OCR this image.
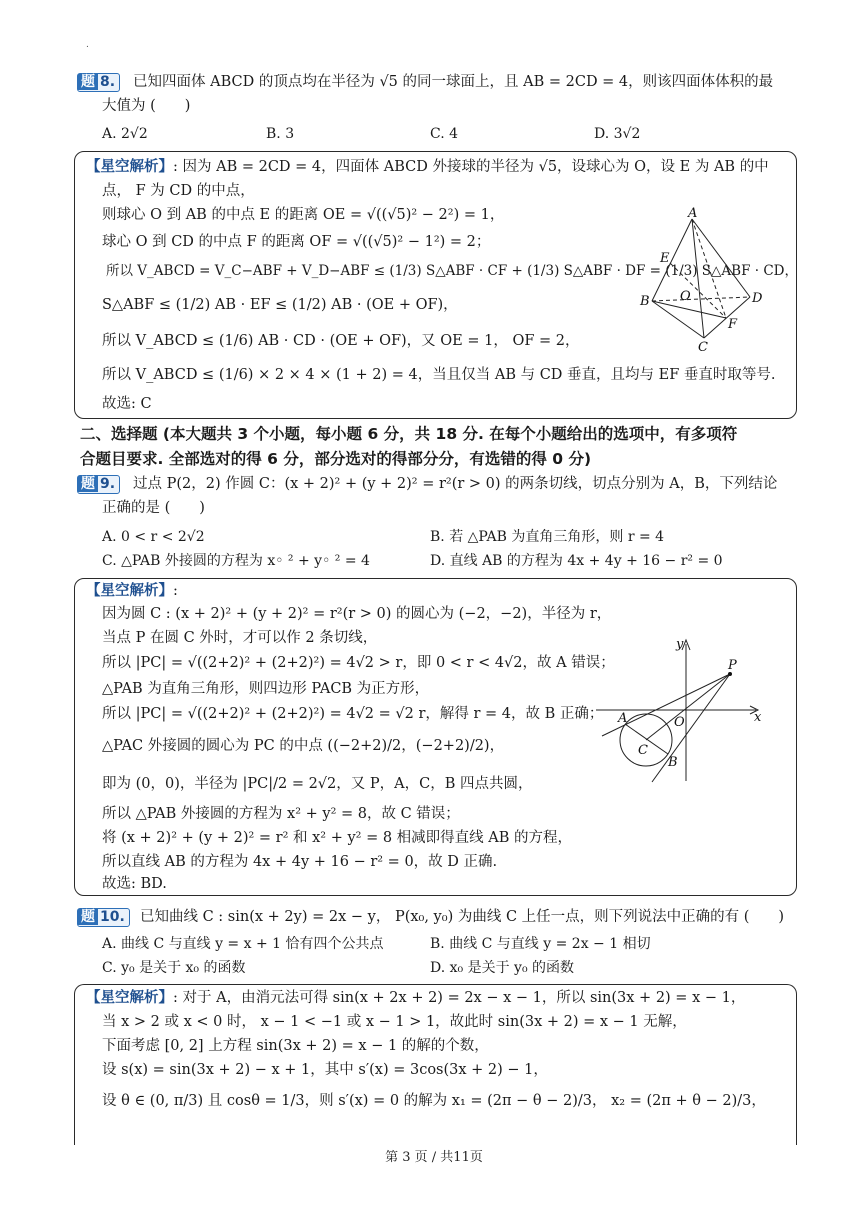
.
题 8.	已知四面体 ABCD 的顶点均在半径为 √5 的同一球面上，且 AB = 2CD = 4，则该四面体体积的最
大值为 (　　)
A. 2√2	B. 3	C. 4	D. 3√2
【星空解析】: 因为 AB = 2CD = 4，四面体 ABCD 外接球的半径为 √5，设球心为 O，设 E 为 AB 的中
点， F 为 CD 的中点，
则球心 O 到 AB 的中点 E 的距离 OE = √((√5)² − 2²) = 1，
球心 O 到 CD 的中点 F 的距离 OF = √((√5)² − 1²) = 2；
所以 V_ABCD = V_C−ABF + V_D−ABF ≤ (1/3) S△ABF · CF + (1/3) S△ABF · DF = (1/3) S△ABF · CD，
S△ABF ≤ (1/2) AB · EF ≤ (1/2) AB · (OE + OF)，
所以 V_ABCD ≤ (1/6) AB · CD · (OE + OF)，又 OE = 1， OF = 2，
所以 V_ABCD ≤ (1/6) × 2 × 4 × (1 + 2) = 4，当且仅当 AB 与 CD 垂直，且均与 EF 垂直时取等号.
故选: C
A
B
C
D
E
F
O
二、选择题 (本大题共 3 个小题，每小题 6 分，共 18 分. 在每个小题给出的选项中，有多项符
合题目要求. 全部选对的得 6 分，部分选对的得部分分，有选错的得 0 分)
题 9.	过点 P(2，2) 作圆 C：(x + 2)² + (y + 2)² = r²(r > 0) 的两条切线，切点分别为 A，B，下列结论
正确的是 (　　)
A. 0 < r < 2√2	B. 若 △PAB 为直角三角形，则 r = 4
C. △PAB 外接圆的方程为 x◦ ² + y◦ ² = 4	D. 直线 AB 的方程为 4x + 4y + 16 − r² = 0
【星空解析】:
因为圆 C : (x + 2)² + (y + 2)² = r²(r > 0) 的圆心为 (−2，−2)，半径为 r，
当点 P 在圆 C 外时，才可以作 2 条切线，
所以 |PC| = √((2+2)² + (2+2)²) = 4√2 > r，即 0 < r < 4√2，故 A 错误；
△PAB 为直角三角形，则四边形 PACB 为正方形，
所以 |PC| = √((2+2)² + (2+2)²) = 4√2 = √2 r，解得 r = 4，故 B 正确；
△PAC 外接圆的圆心为 PC 的中点 ((−2+2)/2，(−2+2)/2)，
即为 (0，0)，半径为 |PC|/2 = 2√2，又 P，A，C，B 四点共圆，
所以 △PAB 外接圆的方程为 x² + y² = 8，故 C 错误；
将 (x + 2)² + (y + 2)² = r² 和 x² + y² = 8 相减即得直线 AB 的方程，
所以直线 AB 的方程为 4x + 4y + 16 − r² = 0，故 D 正确.
故选: BD.
y
x
P
A	O
C
B
题 10.	已知曲线 C : sin(x + 2y) = 2x − y， P(x₀, y₀) 为曲线 C 上任一点，则下列说法中正确的有 (　　)
A. 曲线 C 与直线 y = x + 1 恰有四个公共点	B. 曲线 C 与直线 y = 2x − 1 相切
C. y₀ 是关于 x₀ 的函数	D. x₀ 是关于 y₀ 的函数
【星空解析】: 对于 A，由消元法可得 sin(x + 2x + 2) = 2x − x − 1，所以 sin(3x + 2) = x − 1，
当 x > 2 或 x < 0 时， x − 1 < −1 或 x − 1 > 1，故此时 sin(3x + 2) = x − 1 无解，
下面考虑 [0, 2] 上方程 sin(3x + 2) = x − 1 的解的个数，
设 s(x) = sin(3x + 2) − x + 1，其中 s′(x) = 3cos(3x + 2) − 1，
设 θ ∈ (0, π/3) 且 cosθ = 1/3，则 s′(x) = 0 的解为 x₁ = (2π − θ − 2)/3， x₂ = (2π + θ − 2)/3，
第 3 页 / 共11页
